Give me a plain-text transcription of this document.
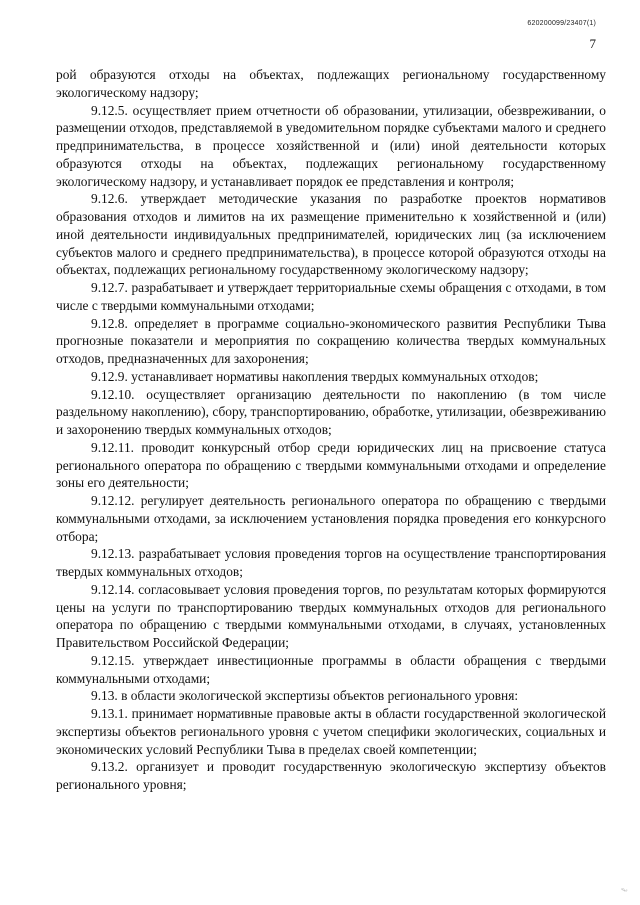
620200099/23407(1)
7

рой образуются отходы на объектах, подлежащих региональному государственному экологическому надзору;

9.12.5. осуществляет прием отчетности об образовании, утилизации, обезвреживании, о размещении отходов, представляемой в уведомительном порядке субъектами малого и среднего предпринимательства, в процессе хозяйственной и (или) иной деятельности которых образуются отходы на объектах, подлежащих региональному государственному экологическому надзору, и устанавливает порядок ее представления и контроля;

9.12.6. утверждает методические указания по разработке проектов нормативов образования отходов и лимитов на их размещение применительно к хозяйственной и (или) иной деятельности индивидуальных предпринимателей, юридических лиц (за исключением субъектов малого и среднего предпринимательства), в процессе которой образуются отходы на объектах, подлежащих региональному государственному экологическому надзору;

9.12.7. разрабатывает и утверждает территориальные схемы обращения с отходами, в том числе с твердыми коммунальными отходами;

9.12.8. определяет в программе социально-экономического развития Республики Тыва прогнозные показатели и мероприятия по сокращению количества твердых коммунальных отходов, предназначенных для захоронения;

9.12.9. устанавливает нормативы накопления твердых коммунальных отходов;

9.12.10. осуществляет организацию деятельности по накоплению (в том числе раздельному накоплению), сбору, транспортированию, обработке, утилизации, обезвреживанию и захоронению твердых коммунальных отходов;

9.12.11. проводит конкурсный отбор среди юридических лиц на присвоение статуса регионального оператора по обращению с твердыми коммунальными отходами и определение зоны его деятельности;

9.12.12. регулирует деятельность регионального оператора по обращению с твердыми коммунальными отходами, за исключением установления порядка проведения его конкурсного отбора;

9.12.13. разрабатывает условия проведения торгов на осуществление транспортирования твердых коммунальных отходов;

9.12.14. согласовывает условия проведения торгов, по результатам которых формируются цены на услуги по транспортированию твердых коммунальных отходов для регионального оператора по обращению с твердыми коммунальными отходами, в случаях, установленных Правительством Российской Федерации;

9.12.15. утверждает инвестиционные программы в области обращения с твердыми коммунальными отходами;

9.13. в области экологической экспертизы объектов регионального уровня:

9.13.1. принимает нормативные правовые акты в области государственной экологической экспертизы объектов регионального уровня с учетом специфики экологических, социальных и экономических условий Республики Тыва в пределах своей компетенции;

9.13.2. организует и проводит государственную экологическую экспертизу объектов регионального уровня;

ℓ
